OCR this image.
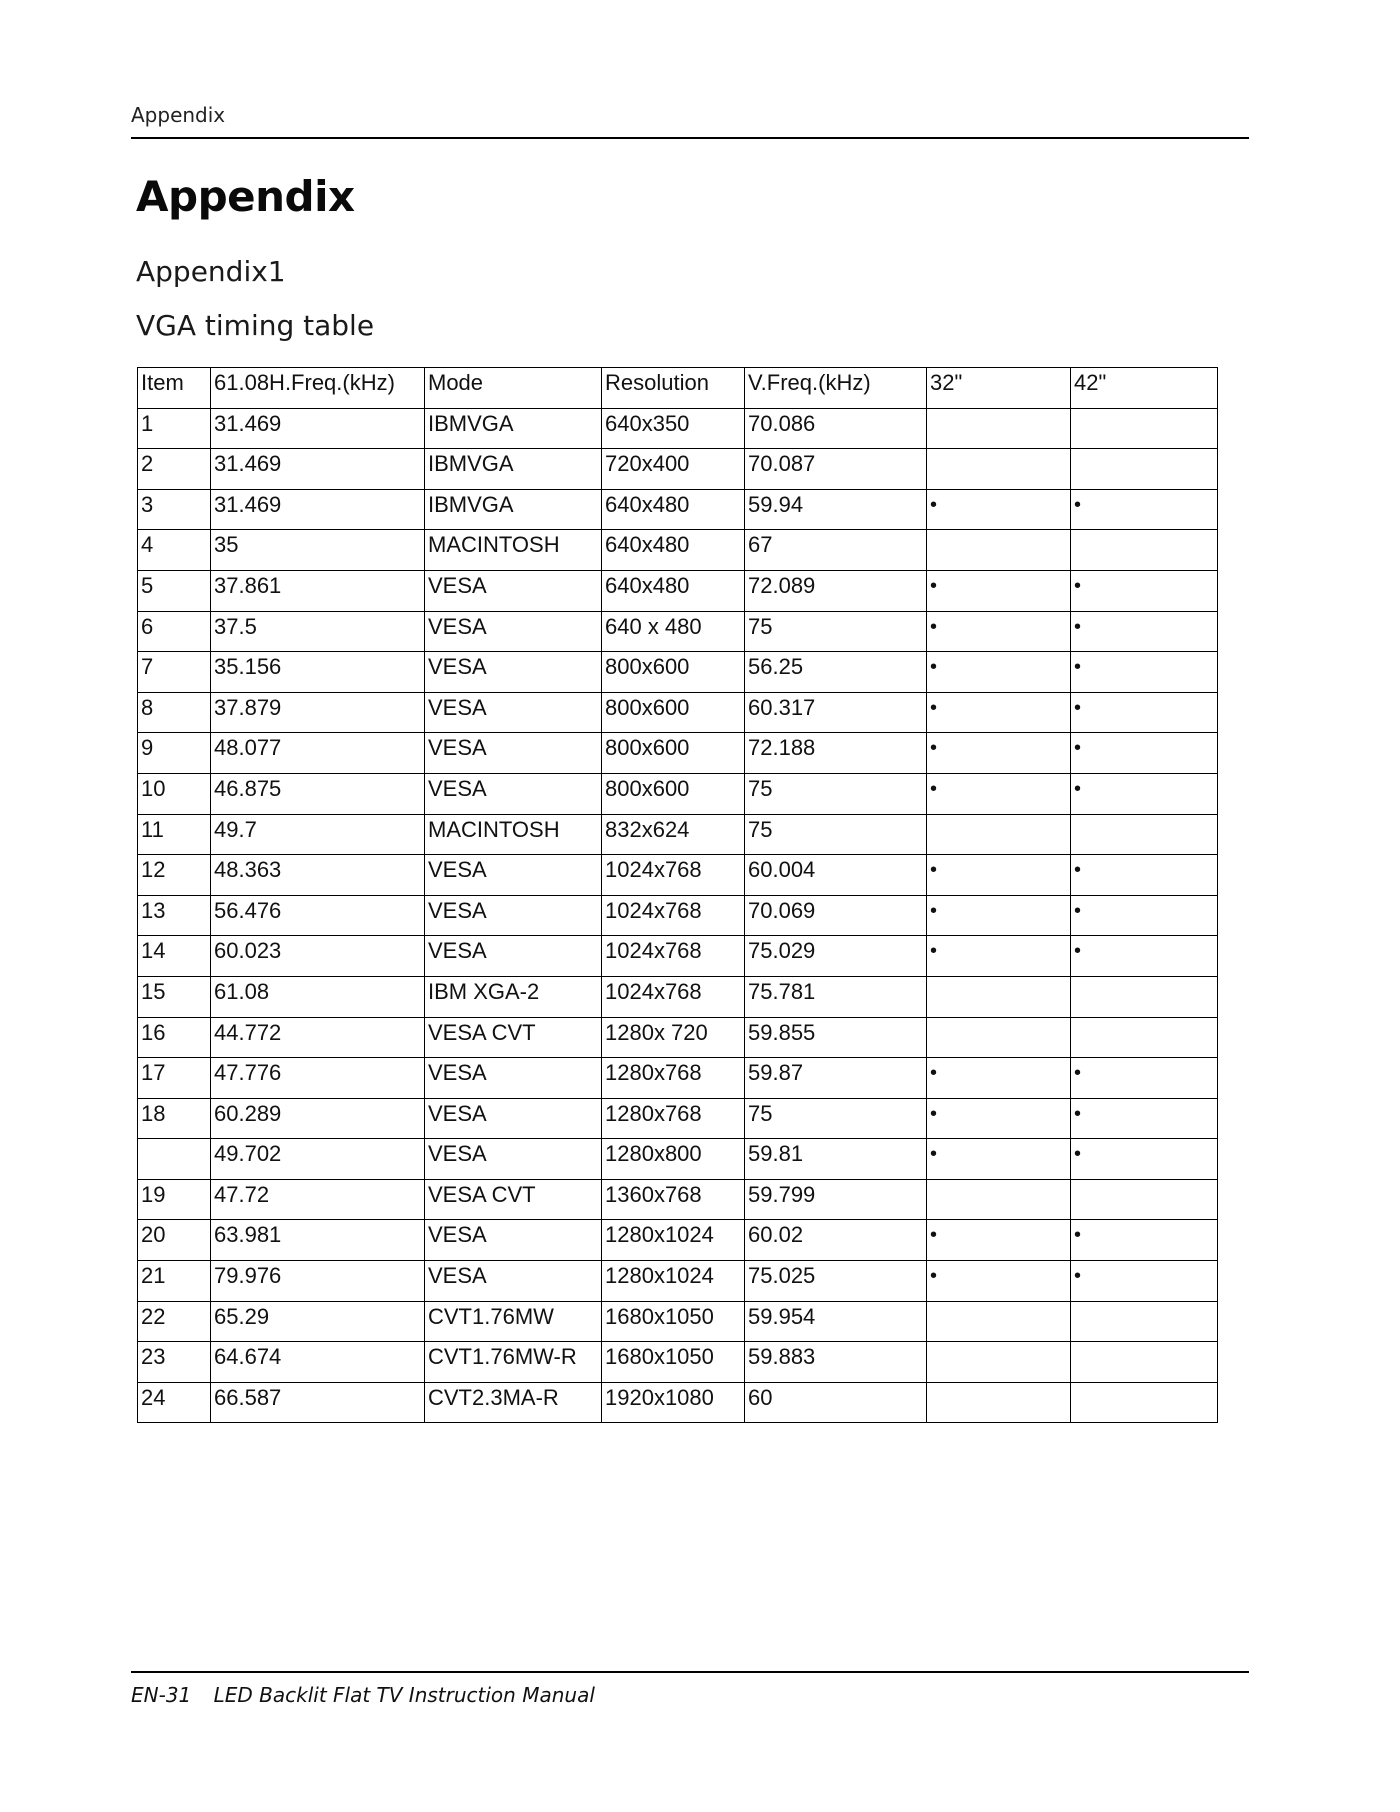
Appendix
Appendix
Appendix1
VGA timing table
Item	61.08H.Freq.(kHz)	Mode	Resolution	V.Freq.(kHz)	32"	42"
1	31.469	IBMVGA	640x350	70.086		
2	31.469	IBMVGA	720x400	70.087		
3	31.469	IBMVGA	640x480	59.94	•	•
4	35	MACINTOSH	640x480	67		
5	37.861	VESA	640x480	72.089	•	•
6	37.5	VESA	640 x 480	75	•	•
7	35.156	VESA	800x600	56.25	•	•
8	37.879	VESA	800x600	60.317	•	•
9	48.077	VESA	800x600	72.188	•	•
10	46.875	VESA	800x600	75	•	•
11	49.7	MACINTOSH	832x624	75		
12	48.363	VESA	1024x768	60.004	•	•
13	56.476	VESA	1024x768	70.069	•	•
14	60.023	VESA	1024x768	75.029	•	•
15	61.08	IBM XGA-2	1024x768	75.781		
16	44.772	VESA CVT	1280x 720	59.855		
17	47.776	VESA	1280x768	59.87	•	•
18	60.289	VESA	1280x768	75	•	•
	49.702	VESA	1280x800	59.81	•	•
19	47.72	VESA CVT	1360x768	59.799		
20	63.981	VESA	1280x1024	60.02	•	•
21	79.976	VESA	1280x1024	75.025	•	•
22	65.29	CVT1.76MW	1680x1050	59.954		
23	64.674	CVT1.76MW-R	1680x1050	59.883		
24	66.587	CVT2.3MA-R	1920x1080	60		
EN-31 LED Backlit Flat TV Instruction Manual
